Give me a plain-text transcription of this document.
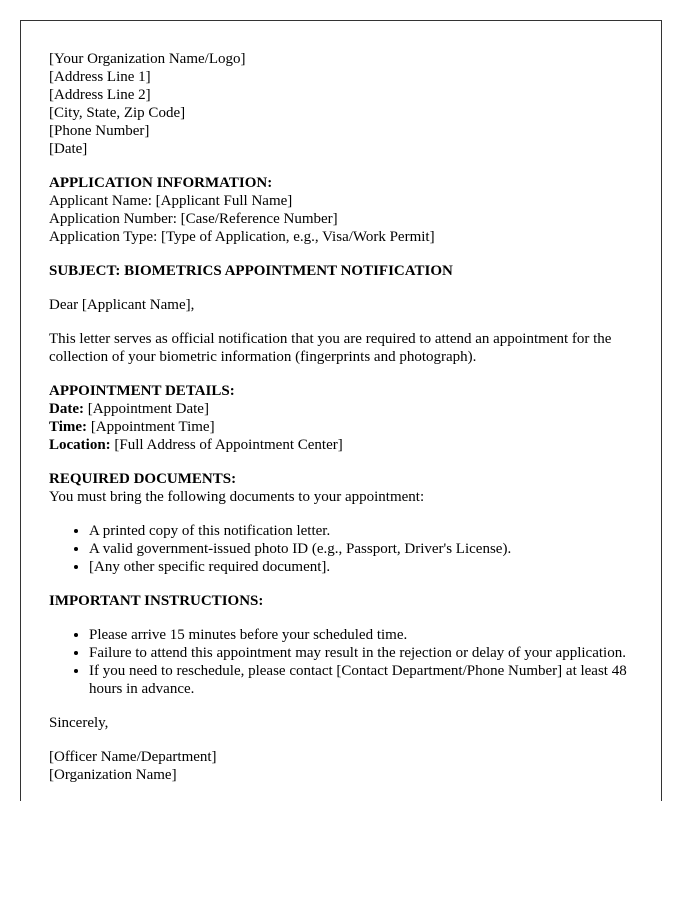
[Your Organization Name/Logo]
[Address Line 1]
[Address Line 2]
[City, State, Zip Code]
[Phone Number]
[Date]

APPLICATION INFORMATION:
Applicant Name: [Applicant Full Name]
Application Number: [Case/Reference Number]
Application Type: [Type of Application, e.g., Visa/Work Permit]

SUBJECT: BIOMETRICS APPOINTMENT NOTIFICATION

Dear [Applicant Name],

This letter serves as official notification that you are required to attend an appointment for the collection of your biometric information (fingerprints and photograph).

APPOINTMENT DETAILS:
Date: [Appointment Date]
Time: [Appointment Time]
Location: [Full Address of Appointment Center]

REQUIRED DOCUMENTS:
You must bring the following documents to your appointment:

• A printed copy of this notification letter.
• A valid government-issued photo ID (e.g., Passport, Driver's License).
• [Any other specific required document].

IMPORTANT INSTRUCTIONS:

• Please arrive 15 minutes before your scheduled time.
• Failure to attend this appointment may result in the rejection or delay of your application.
• If you need to reschedule, please contact [Contact Department/Phone Number] at least 48 hours in advance.

Sincerely,

[Officer Name/Department]
[Organization Name]
